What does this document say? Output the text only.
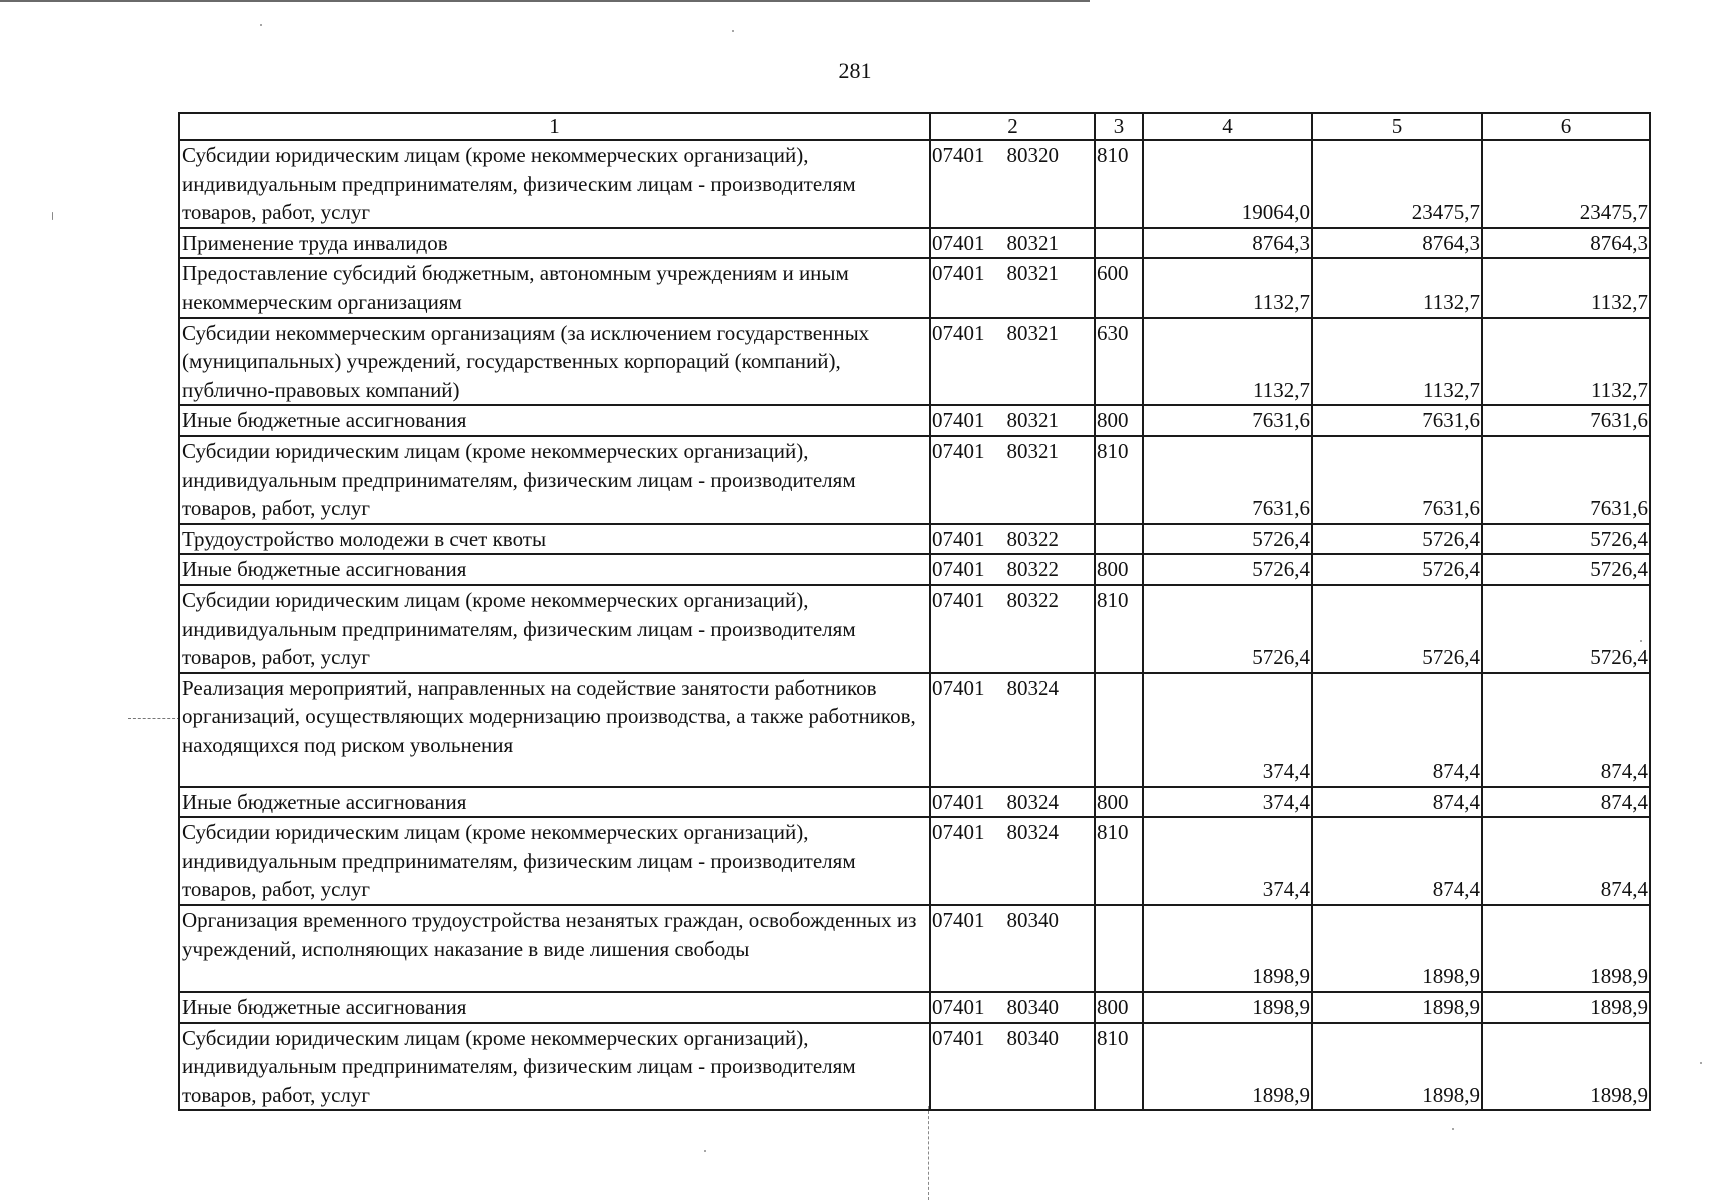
281
1	2	3	4	5	6
Субсидии юридическим лицам (кроме некоммерческих организаций), индивидуальным предпринимателям, физическим лицам - производителям товаров, работ, услуг	07401 80320	810	19064,0	23475,7	23475,7
Применение труда инвалидов	07401 80321		8764,3	8764,3	8764,3
Предоставление субсидий бюджетным, автономным учреждениям и иным некоммерческим организациям	07401 80321	600	1132,7	1132,7	1132,7
Субсидии некоммерческим организациям (за исключением государственных (муниципальных) учреждений, государственных корпораций (компаний), публично-правовых компаний)	07401 80321	630	1132,7	1132,7	1132,7
Иные бюджетные ассигнования	07401 80321	800	7631,6	7631,6	7631,6
Субсидии юридическим лицам (кроме некоммерческих организаций), индивидуальным предпринимателям, физическим лицам - производителям товаров, работ, услуг	07401 80321	810	7631,6	7631,6	7631,6
Трудоустройство молодежи в счет квоты	07401 80322		5726,4	5726,4	5726,4
Иные бюджетные ассигнования	07401 80322	800	5726,4	5726,4	5726,4
Субсидии юридическим лицам (кроме некоммерческих организаций), индивидуальным предпринимателям, физическим лицам - производителям товаров, работ, услуг	07401 80322	810	5726,4	5726,4	5726,4
Реализация мероприятий, направленных на содействие занятости работников организаций, осуществляющих модернизацию производства, а также работников, находящихся под риском увольнения	07401 80324		374,4	874,4	874,4
Иные бюджетные ассигнования	07401 80324	800	374,4	874,4	874,4
Субсидии юридическим лицам (кроме некоммерческих организаций), индивидуальным предпринимателям, физическим лицам - производителям товаров, работ, услуг	07401 80324	810	374,4	874,4	874,4
Организация временного трудоустройства незанятых граждан, освобожденных из учреждений, исполняющих наказание в виде лишения свободы	07401 80340		1898,9	1898,9	1898,9
Иные бюджетные ассигнования	07401 80340	800	1898,9	1898,9	1898,9
Субсидии юридическим лицам (кроме некоммерческих организаций), индивидуальным предпринимателям, физическим лицам - производителям товаров, работ, услуг	07401 80340	810	1898,9	1898,9	1898,9
